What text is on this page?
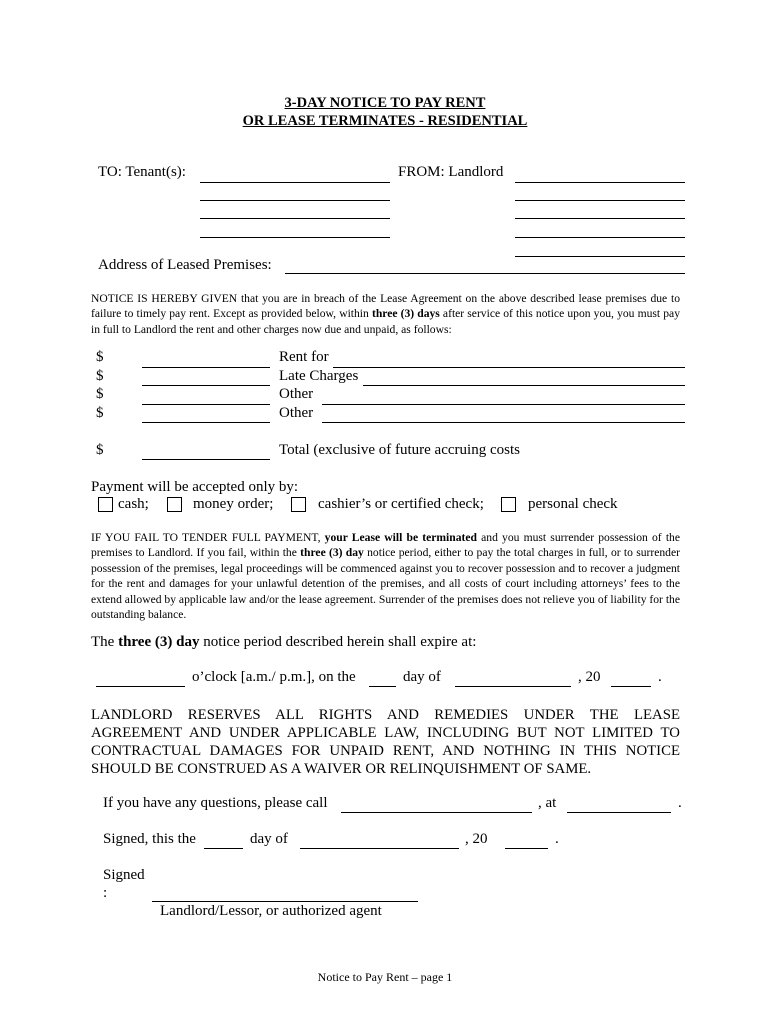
3-DAY NOTICE TO PAY RENT
OR LEASE TERMINATES - RESIDENTIAL
TO: Tenant(s):	FROM: Landlord
Address of Leased Premises:
NOTICE IS HEREBY GIVEN that you are in breach of the Lease Agreement on the above described lease premises due to failure to timely pay rent. Except as provided below, within three (3) days after service of this notice upon you, you must pay in full to Landlord the rent and other charges now due and unpaid, as follows:
$	Rent for
$	Late Charges
$	Other
$	Other
$	Total (exclusive of future accruing costs
Payment will be accepted only by:
cash;	money order;	cashier’s or certified check;	personal check
IF YOU FAIL TO TENDER FULL PAYMENT, your Lease will be terminated and you must surrender possession of the premises to Landlord. If you fail, within the three (3) day notice period, either to pay the total charges in full, or to surrender possession of the premises, legal proceedings will be commenced against you to recover possession and to recover a judgment for the rent and damages for your unlawful detention of the premises, and all costs of court including attorneys’ fees to the extend allowed by applicable law and/or the lease agreement. Surrender of the premises does not relieve you of liability for the outstanding balance.
The three (3) day notice period described herein shall expire at:
o’clock [a.m./ p.m.], on the	day of	, 20	.
LANDLORD RESERVES ALL RIGHTS AND REMEDIES UNDER THE LEASE
AGREEMENT AND UNDER APPLICABLE LAW, INCLUDING BUT NOT LIMITED TO
CONTRACTUAL DAMAGES FOR UNPAID RENT, AND NOTHING IN THIS NOTICE
SHOULD BE CONSTRUED AS A WAIVER OR RELINQUISHMENT OF SAME.
If you have any questions, please call	, at	.
Signed, this the	day of	, 20	.
Signed
:
Landlord/Lessor, or authorized agent
Notice to Pay Rent – page 1
